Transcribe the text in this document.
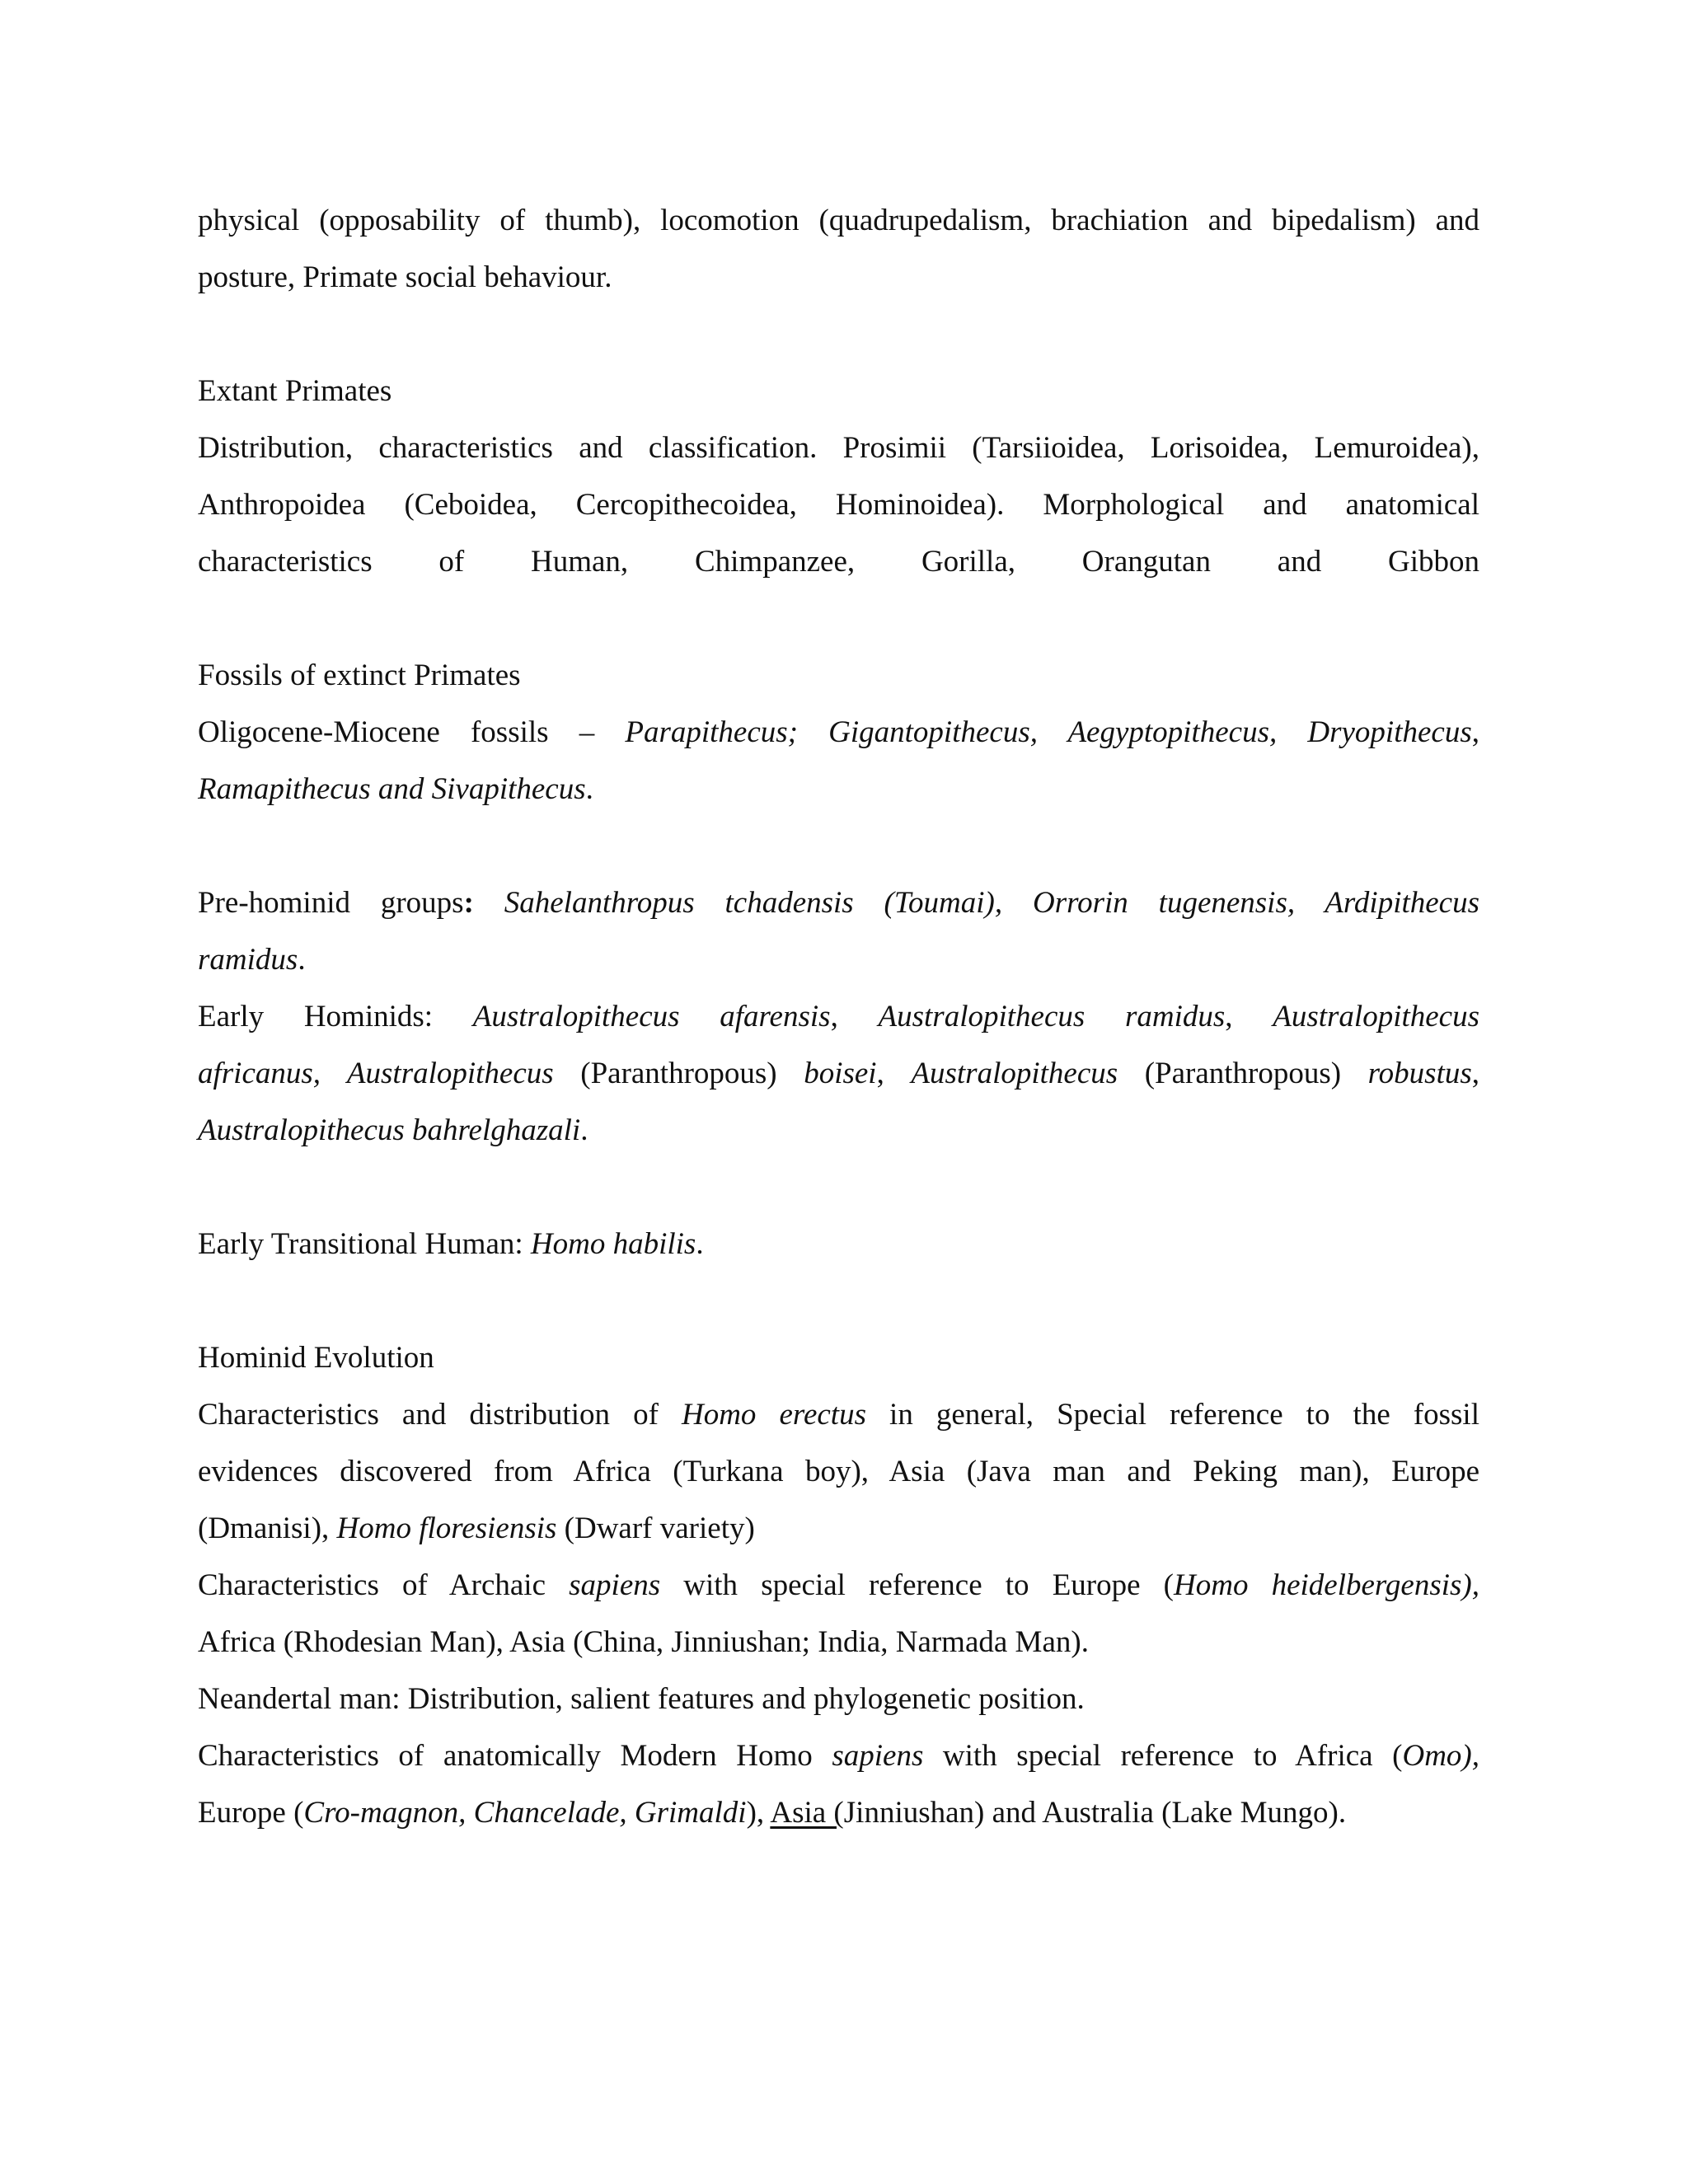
physical (opposability of thumb), locomotion (quadrupedalism, brachiation and bipedalism) and
posture, Primate social behaviour.

Extant Primates
Distribution, characteristics and classification. Prosimii (Tarsiioidea, Lorisoidea, Lemuroidea),
Anthropoidea (Ceboidea, Cercopithecoidea, Hominoidea). Morphological and anatomical
characteristics of Human, Chimpanzee, Gorilla, Orangutan and Gibbon
Fossils of extinct Primates
Oligocene-Miocene fossils – Parapithecus; Gigantopithecus, Aegyptopithecus, Dryopithecus,
Ramapithecus and Sivapithecus.
Pre-hominid groups: Sahelanthropus tchadensis (Toumai), Orrorin tugenensis, Ardipithecus
ramidus.
Early Hominids: Australopithecus afarensis, Australopithecus ramidus, Australopithecus
africanus, Australopithecus (Paranthropous) boisei, Australopithecus (Paranthropous) robustus,
Australopithecus bahrelghazali.
Early Transitional Human: Homo habilis.
Hominid Evolution
Characteristics and distribution of Homo erectus in general, Special reference to the fossil
evidences discovered from Africa (Turkana boy), Asia (Java man and Peking man), Europe
(Dmanisi), Homo floresiensis (Dwarf variety)
Characteristics of Archaic sapiens with special reference to Europe (Homo heidelbergensis),
Africa (Rhodesian Man), Asia (China, Jinniushan; India, Narmada Man).
Neandertal man: Distribution, salient features and phylogenetic position.
Characteristics of anatomically Modern Homo sapiens with special reference to Africa (Omo),
Europe (Cro-magnon, Chancelade, Grimaldi), Asia (Jinniushan) and Australia (Lake Mungo).
